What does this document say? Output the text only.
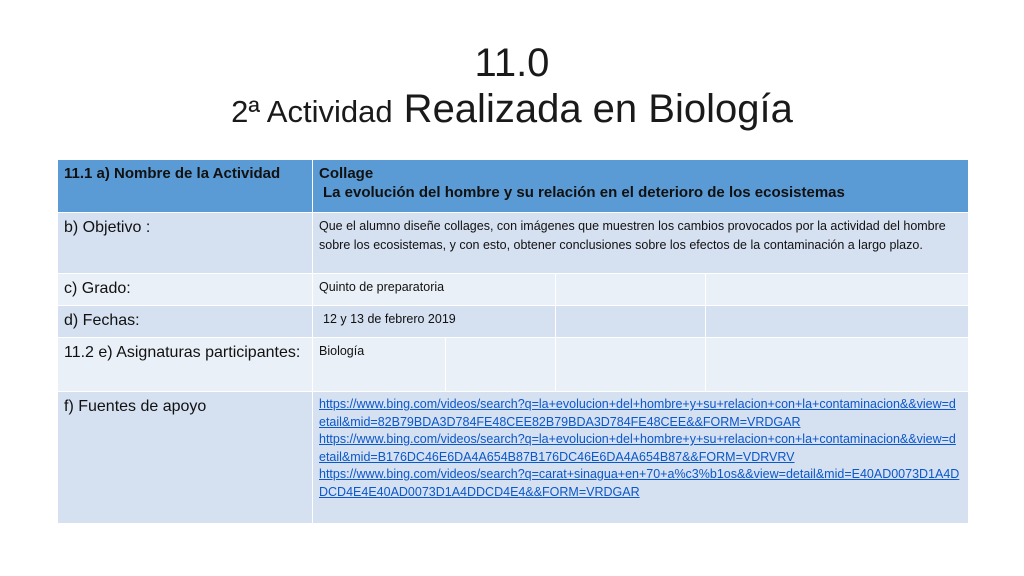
11.0
2ª Actividad Realizada en Biología
11.1 a) Nombre de la Actividad	Collage
La evolución del hombre y su relación en el deterioro de los ecosistemas			

b) Objetivo :	Que el alumno diseñe collages, con imágenes que muestren los cambios provocados por la actividad del hombre sobre los ecosistemas, y con esto, obtener conclusiones sobre los efectos de la contaminación a largo plazo.			
c) Grado:	Quinto de preparatoria			
d) Fechas:	12 y 13 de febrero 2019			
11.2 e) Asignaturas participantes:	Biología			
f) Fuentes de apoyo	https://www.bing.com/videos/search?q=la+evolucion+del+hombre+y+su+relacion+con+la+contaminacion&&view=detail&mid=82B79BDA3D784FE48CEE82B79BDA3D784FE48CEE&&FORM=VRDGAR
https://www.bing.com/videos/search?q=la+evolucion+del+hombre+y+su+relacion+con+la+contaminacion&&view=detail&mid=B176DC46E6DA4A654B87B176DC46E6DA4A654B87&&FORM=VDRVRV
https://www.bing.com/videos/search?q=carat+sinagua+en+70+a%c3%b1os&&view=detail&mid=E40AD0073D1A4DDCD4E4E40AD0073D1A4DDCD4E4&&FORM=VRDGAR			
